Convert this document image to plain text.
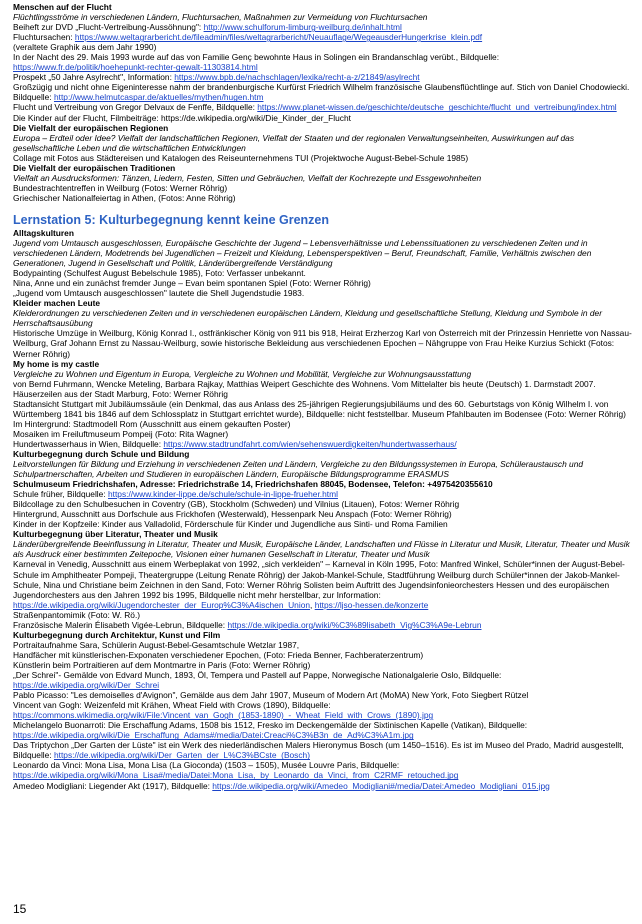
Menschen auf der Flucht
Flüchtlingsströme in verschiedenen Ländern, Fluchtursachen, Maßnahmen zur Vermeidung von Fluchtursachen
Beiheft zur DVD „Flucht-Vertreibung-Aussöhnung": http://www.schulforum-limburg-weilburg.de/inhalt.html
Fluchtursachen: https://www.weltagrarbericht.de/fileadmin/files/weltagrarbericht/Neuauflage/WegeausderHungerkrise_klein.pdf
(veraltete Graphik aus dem Jahr 1990)
In der Nacht des 29. Mais 1993 wurde auf das von Familie Genç bewohnte Haus in Solingen ein Brandanschlag verübt., Bildquelle:
https://www.fr.de/politik/hoehepunkt-rechter-gewalt-11303814.html
Prospekt „50 Jahre Asylrecht", Information: https://www.bpb.de/nachschlagen/lexika/recht-a-z/21849/asylrecht
Großzügig und nicht ohne Eigeninteresse nahm der brandenburgische Kurfürst Friedrich Wilhelm französische Glaubensflüchtlinge auf. Stich von Daniel Chodowiecki. Bildquelle: http://www.helmutcaspar.de/aktuelles/mythen/hugen.htm
Flucht und Vertreibung von Gregor Delvaux de Fenffe, Bildquelle: https://www.planet-wissen.de/geschichte/deutsche_geschichte/flucht_und_vertreibung/index.html
Die Kinder auf der Flucht, Filmbeiträge: https://de.wikipedia.org/wiki/Die_Kinder_der_Flucht
Die Vielfalt der europäischen Regionen
Europa – Erdteil oder Idee? Vielfalt der landschaftlichen Regionen, Vielfalt der Staaten und der regionalen Verwaltungseinheiten, Auswirkungen auf das gesellschaftliche Leben und die wirtschaftlichen Entwicklungen
Collage mit Fotos aus Städtereisen und Katalogen des Reiseunternehmens TUI (Projektwoche August-Bebel-Schule 1985)
Die Vielfalt der europäischen Traditionen
Vielfalt an Ausdrucksformen: Tänzen, Liedern, Festen, Sitten und Gebräuchen, Vielfalt der Kochrezepte und Essgewohnheiten
Bundestrachtentreffen in Weilburg (Fotos: Werner Röhrig)
Griechischer Nationalfeiertag in Athen, (Fotos: Anne Röhrig)
Lernstation 5: Kulturbegegnung kennt keine Grenzen
Alltagskulturen
Jugend vom Umtausch ausgeschlossen, Europäische Geschichte der Jugend – Lebensverhältnisse und Lebenssituationen zu verschiedenen Zeiten und in verschiedenen Ländern, Modetrends bei Jugendlichen – Freizeit und Kleidung, Lebensperspektiven – Beruf, Freundschaft, Familie, Verhältnis zwischen den Generationen, Jugend in Gesellschaft und Politik, Länderübergreifende Verständigung
Bodypainting (Schulfest August Bebelschule 1985), Foto: Verfasser unbekannt.
Nina, Anne und ein zunächst fremder Junge – Evan beim spontanen Spiel (Foto: Werner Röhrig)
„Jugend vom Umtausch ausgeschlossen" lautete die Shell Jugendstudie 1983.
Kleider machen Leute
Kleiderordnungen zu verschiedenen Zeiten und in verschiedenen europäischen Ländern, Kleidung und gesellschaftliche Stellung, Kleidung und Symbole in der Herrschaftsausübung
Historische Umzüge in Weilburg, König Konrad I., ostfränkischer König von 911 bis 918, Heirat Erzherzog Karl von Österreich mit der Prinzessin Henriette von Nassau-Weilburg, Graf Johann Ernst zu Nassau-Weilburg, sowie historische Bekleidung aus verschiedenen Epochen – Nähgruppe von Frau Heike Kurzius Schickt (Fotos: Werner Röhrig)
My home is my castle
Vergleiche zu Wohnen und Eigentum in Europa, Vergleiche zu Wohnen und Mobilität, Vergleiche zur Wohnungsausstattung
von Bernd Fuhrmann, Wencke Meteling, Barbara Rajkay, Matthias Weipert Geschichte des Wohnens. Vom Mittelalter bis heute (Deutsch) 1. Darmstadt 2007.
Häuserzeilen aus der Stadt Marburg, Foto: Werner Röhrig
Stadtansicht Stuttgart mit Jubiläumssäule (ein Denkmal, das aus Anlass des 25-jährigen Regierungsjubiläums und des 60. Geburtstags von König Wilhelm I. von Württemberg 1841 bis 1846 auf dem Schlossplatz in Stuttgart errichtet wurde), Bildquelle: nicht feststellbar. Museum Pfahlbauten im Bodensee (Foto: Werner Röhrig)
Im Hintergrund: Stadtmodell Rom (Ausschnitt aus einem gekauften Poster)
Mosaiken im Freiluftmuseum Pompeij (Foto: Rita Wagner)
Hundertwasserhaus in Wien, Bildquelle: https://www.stadtrundfahrt.com/wien/sehenswuerdigkeiten/hundertwasserhaus/
Kulturbegegnung durch Schule und Bildung
Leitvorstellungen für Bildung und Erziehung in verschiedenen Zeiten und Ländern, Vergleiche zu den Bildungssystemen in Europa, Schüleraustausch und Schulpartnerschaften, Arbeiten und Studieren in europäischen Ländern, Europäische Bildungsprogramme ERASMUS
Schulmuseum Friedrichshafen, Adresse: Friedrichstraße 14, Friedrichshafen 88045, Bodensee, Telefon: +4975420355610
Schule früher, Bildquelle: https://www.kinder-lippe.de/schule/schule-in-lippe-frueher.html
Bildcollage zu den Schulbesuchen in Coventry (GB), Stockholm (Schweden) und Vilnius (Litauen), Fotos: Werner Röhrig
Hintergrund, Ausschnitt aus Dorfschule aus Frickhofen (Westerwald), Hessenpark Neu Anspach (Foto: Werner Röhrig)
Kinder in der Kopfzeile: Kinder aus Valladolid, Förderschule für Kinder und Jugendliche aus Sinti- und Roma Familien
Kulturbegegnung über Literatur, Theater und Musik
Länderübergreifende Beeinflussung in Literatur, Theater und Musik, Europäische Länder, Landschaften und Flüsse in Literatur und Musik, Literatur, Theater und Musik als Ausdruck einer bestimmten Zeitepoche, Visionen einer humanen Gesellschaft in Literatur, Theater und Musik
Karneval in Venedig, Ausschnitt aus einem Werbeplakat von 1992, „sich verkleiden" – Karneval in Köln 1995, Foto: Manfred Winkel, Schüler*innen der August-Bebel-Schule im Amphitheater Pompeji, Theatergruppe (Leitung Renate Röhrig) der Jakob-Mankel-Schule, Stadtführung Weilburg durch Schüler*innen der Jakob-Mankel-Schule, Nina und Christiane beim Zeichnen in den Sand, Foto: Werner Röhrig Solisten beim Auftritt des Jugendsinfonieorchesters Hessen und des europäischen Jugendorchesters aus den Jahren 1992 bis 1995, Bildquelle nicht mehr herstellbar, zur Information: https://de.wikipedia.org/wiki/Jugendorchester_der_Europ%C3%A4ischen_Union, https://ljso-hessen.de/konzerte
Straßenpantomimik (Foto: W. Rö.)
Französische Malerin Élisabeth Vigée-Lebrun, Bildquelle: https://de.wikipedia.org/wiki/%C3%89lisabeth_Vig%C3%A9e-Lebrun
Kulturbegegnung durch Architektur, Kunst und Film
Portraitaufnahme Sara, Schülerin August-Bebel-Gesamtschule Wetzlar 1987,
Handfächer mit künstlerischen-Exponaten verschiedener Epochen, (Foto: Frieda Benner, Fachberaterzentrum)
Künstlerin beim Portraitieren auf dem Montmartre in Paris (Foto: Werner Röhrig)
„Der Schrei"- Gemälde von Edvard Munch, 1893, Öl, Tempera und Pastell auf Pappe, Norwegische Nationalgalerie Oslo, Bildquelle: https://de.wikipedia.org/wiki/Der_Schrei
Pablo Picasso: "Les demoiselles d'Avignon", Gemälde aus dem Jahr 1907, Museum of Modern Art (MoMA) New York, Foto Siegbert Rützel
Vincent van Gogh: Weizenfeld mit Krähen, Wheat Field with Crows (1890), Bildquelle:
https://commons.wikimedia.org/wiki/File:Vincent_van_Gogh_(1853-1890)_-_Wheat_Field_with_Crows_(1890).jpg
Michelangelo Buonarroti: Die Erschaffung Adams, 1508 bis 1512, Fresko im Deckengemälde der Sixtinischen Kapelle (Vatikan), Bildquelle: https://de.wikipedia.org/wiki/Die_Erschaffung_Adams#/media/Datei:Creaci%C3%B3n_de_Ad%C3%A1m.jpg
Das Triptychon „Der Garten der Lüste" ist ein Werk des niederländischen Malers Hieronymus Bosch (um 1450–1516). Es ist im Museo del Prado, Madrid ausgestellt, Bildquelle: https://de.wikipedia.org/wiki/Der_Garten_der_L%C3%BCste_(Bosch)
Leonardo da Vinci: Mona Lisa, Mona Lisa (La Gioconda) (1503 – 1505), Musée Louvre Paris, Bildquelle:
https://de.wikipedia.org/wiki/Mona_Lisa#/media/Datei:Mona_Lisa,_by_Leonardo_da_Vinci,_from_C2RMF_retouched.jpg
Amedeo Modigliani: Liegender Akt (1917), Bildquelle: https://de.wikipedia.org/wiki/Amedeo_Modigliani#/media/Datei:Amedeo_Modigliani_015.jpg
15
